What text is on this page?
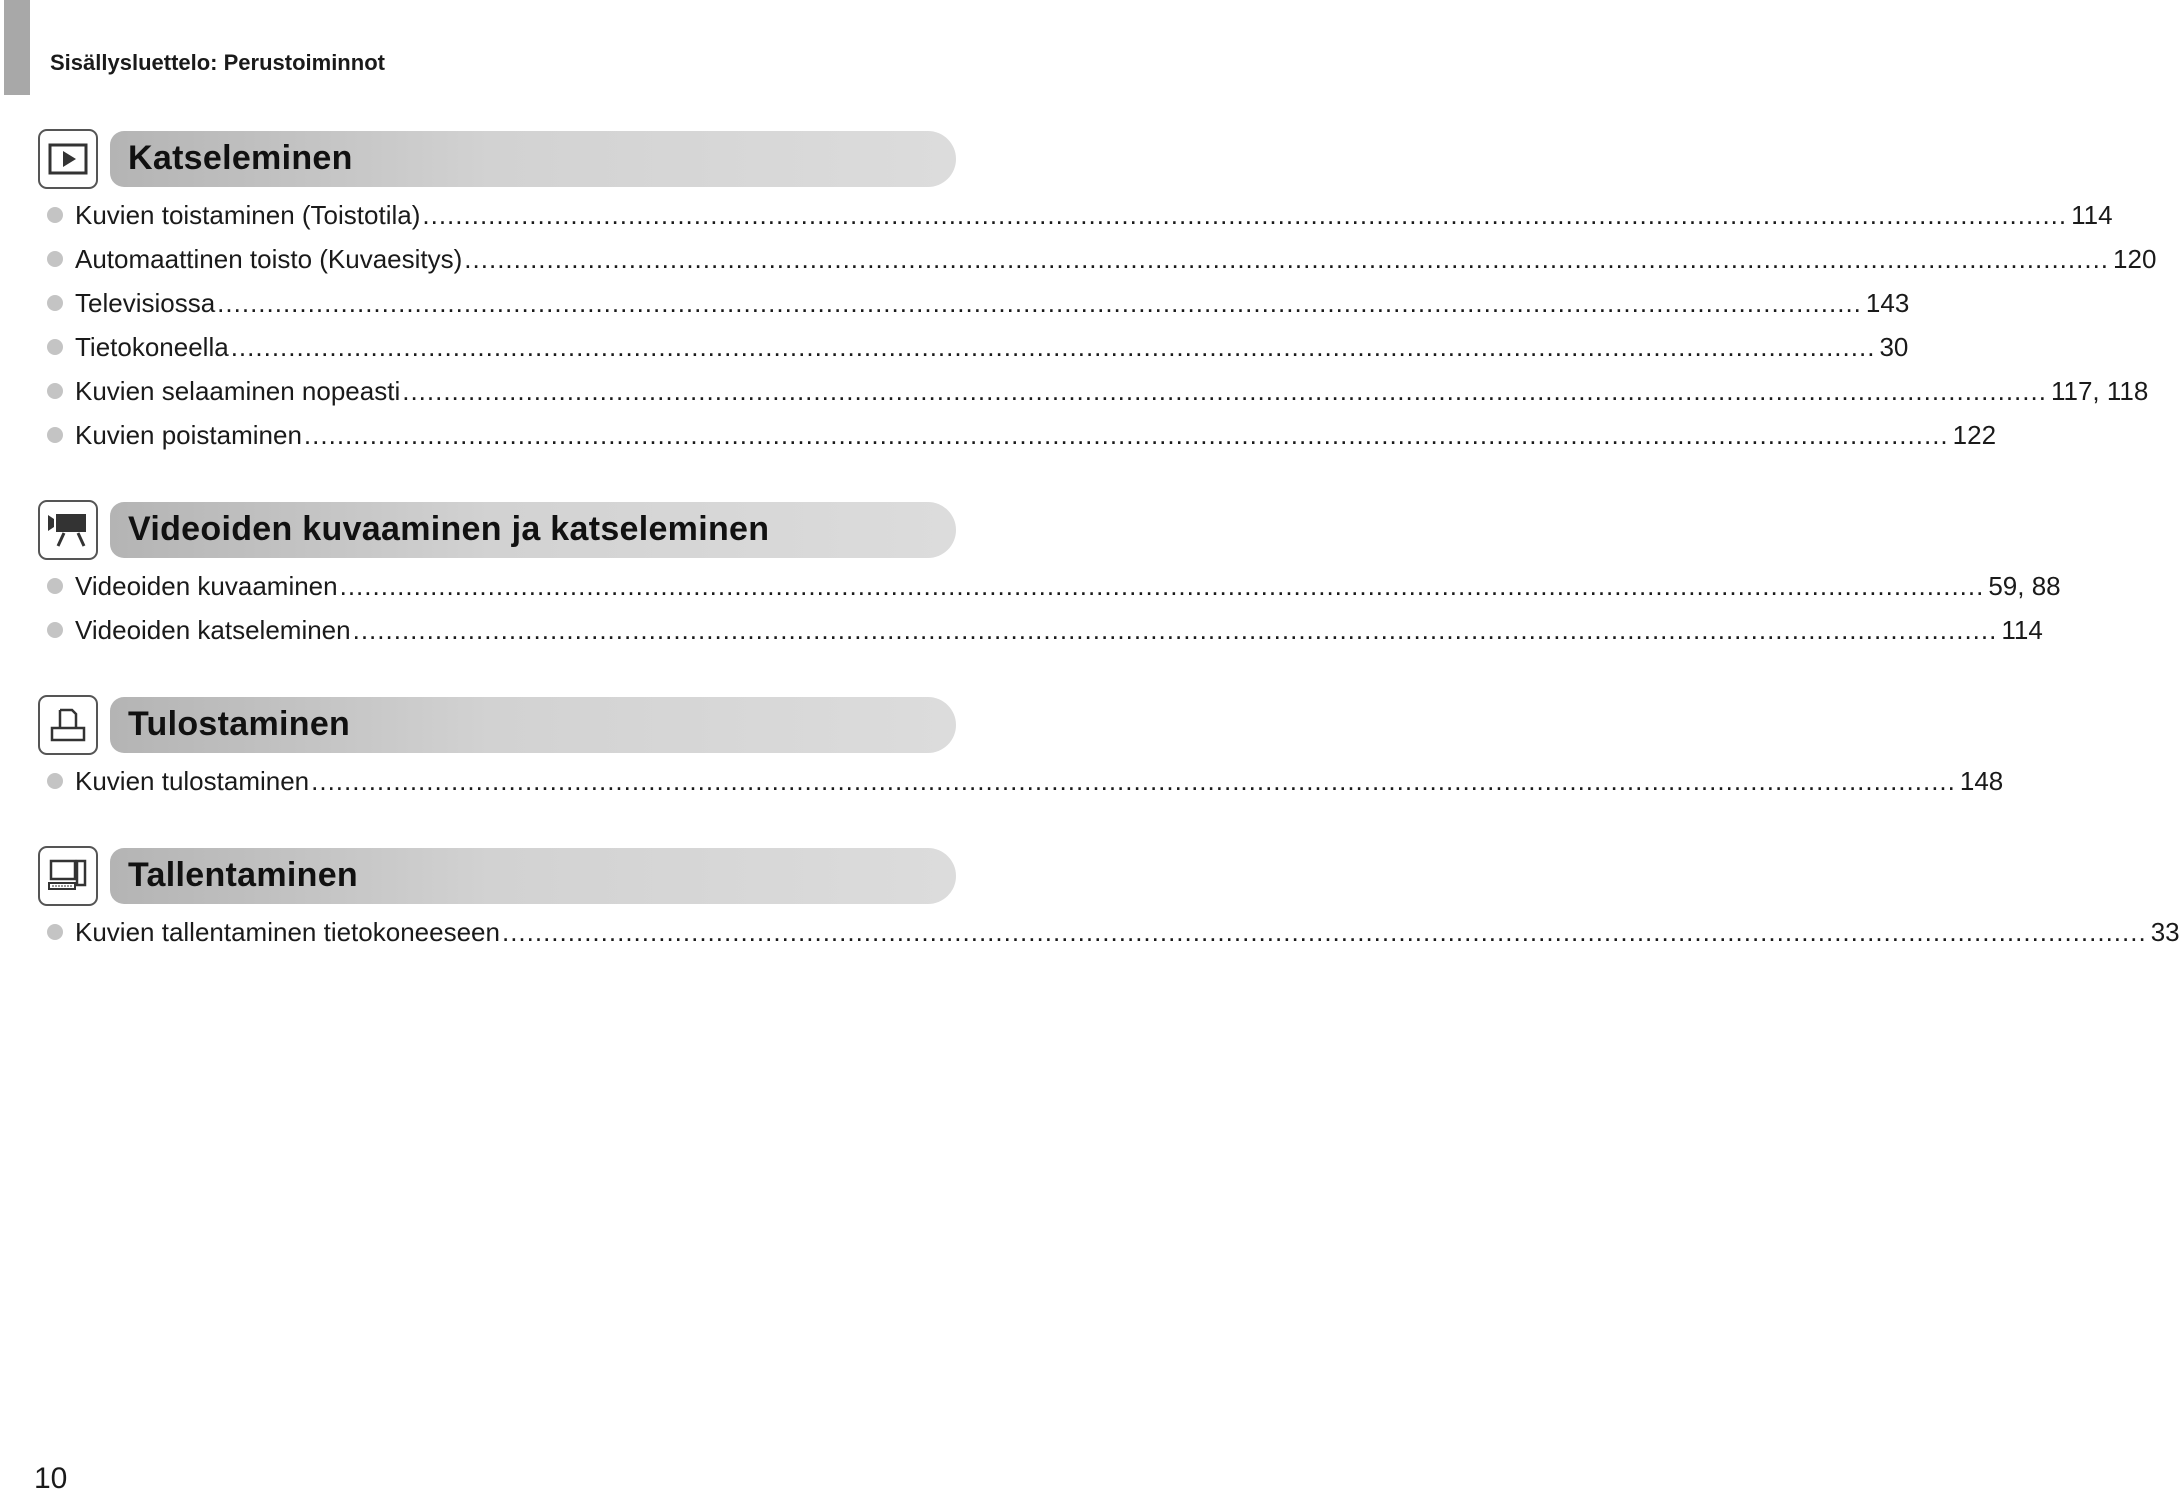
Sisällysluettelo: Perustoiminnot
Katseleminen
Kuvien toistaminen (Toistotila) ........................................................................................................................................................................................................ 114
Automaattinen toisto (Kuvaesitys) ........................................................................................................................................................................................................ 120
Televisiossa ........................................................................................................................................................................................................ 143
Tietokoneella ........................................................................................................................................................................................................ 30
Kuvien selaaminen nopeasti ........................................................................................................................................................................................................ 117, 118
Kuvien poistaminen ........................................................................................................................................................................................................ 122
Videoiden kuvaaminen ja katseleminen
Videoiden kuvaaminen ........................................................................................................................................................................................................ 59, 88
Videoiden katseleminen ........................................................................................................................................................................................................ 114
Tulostaminen
Kuvien tulostaminen ........................................................................................................................................................................................................ 148
Tallentaminen
Kuvien tallentaminen tietokoneeseen ........................................................................................................................................................................................................ 33
10
